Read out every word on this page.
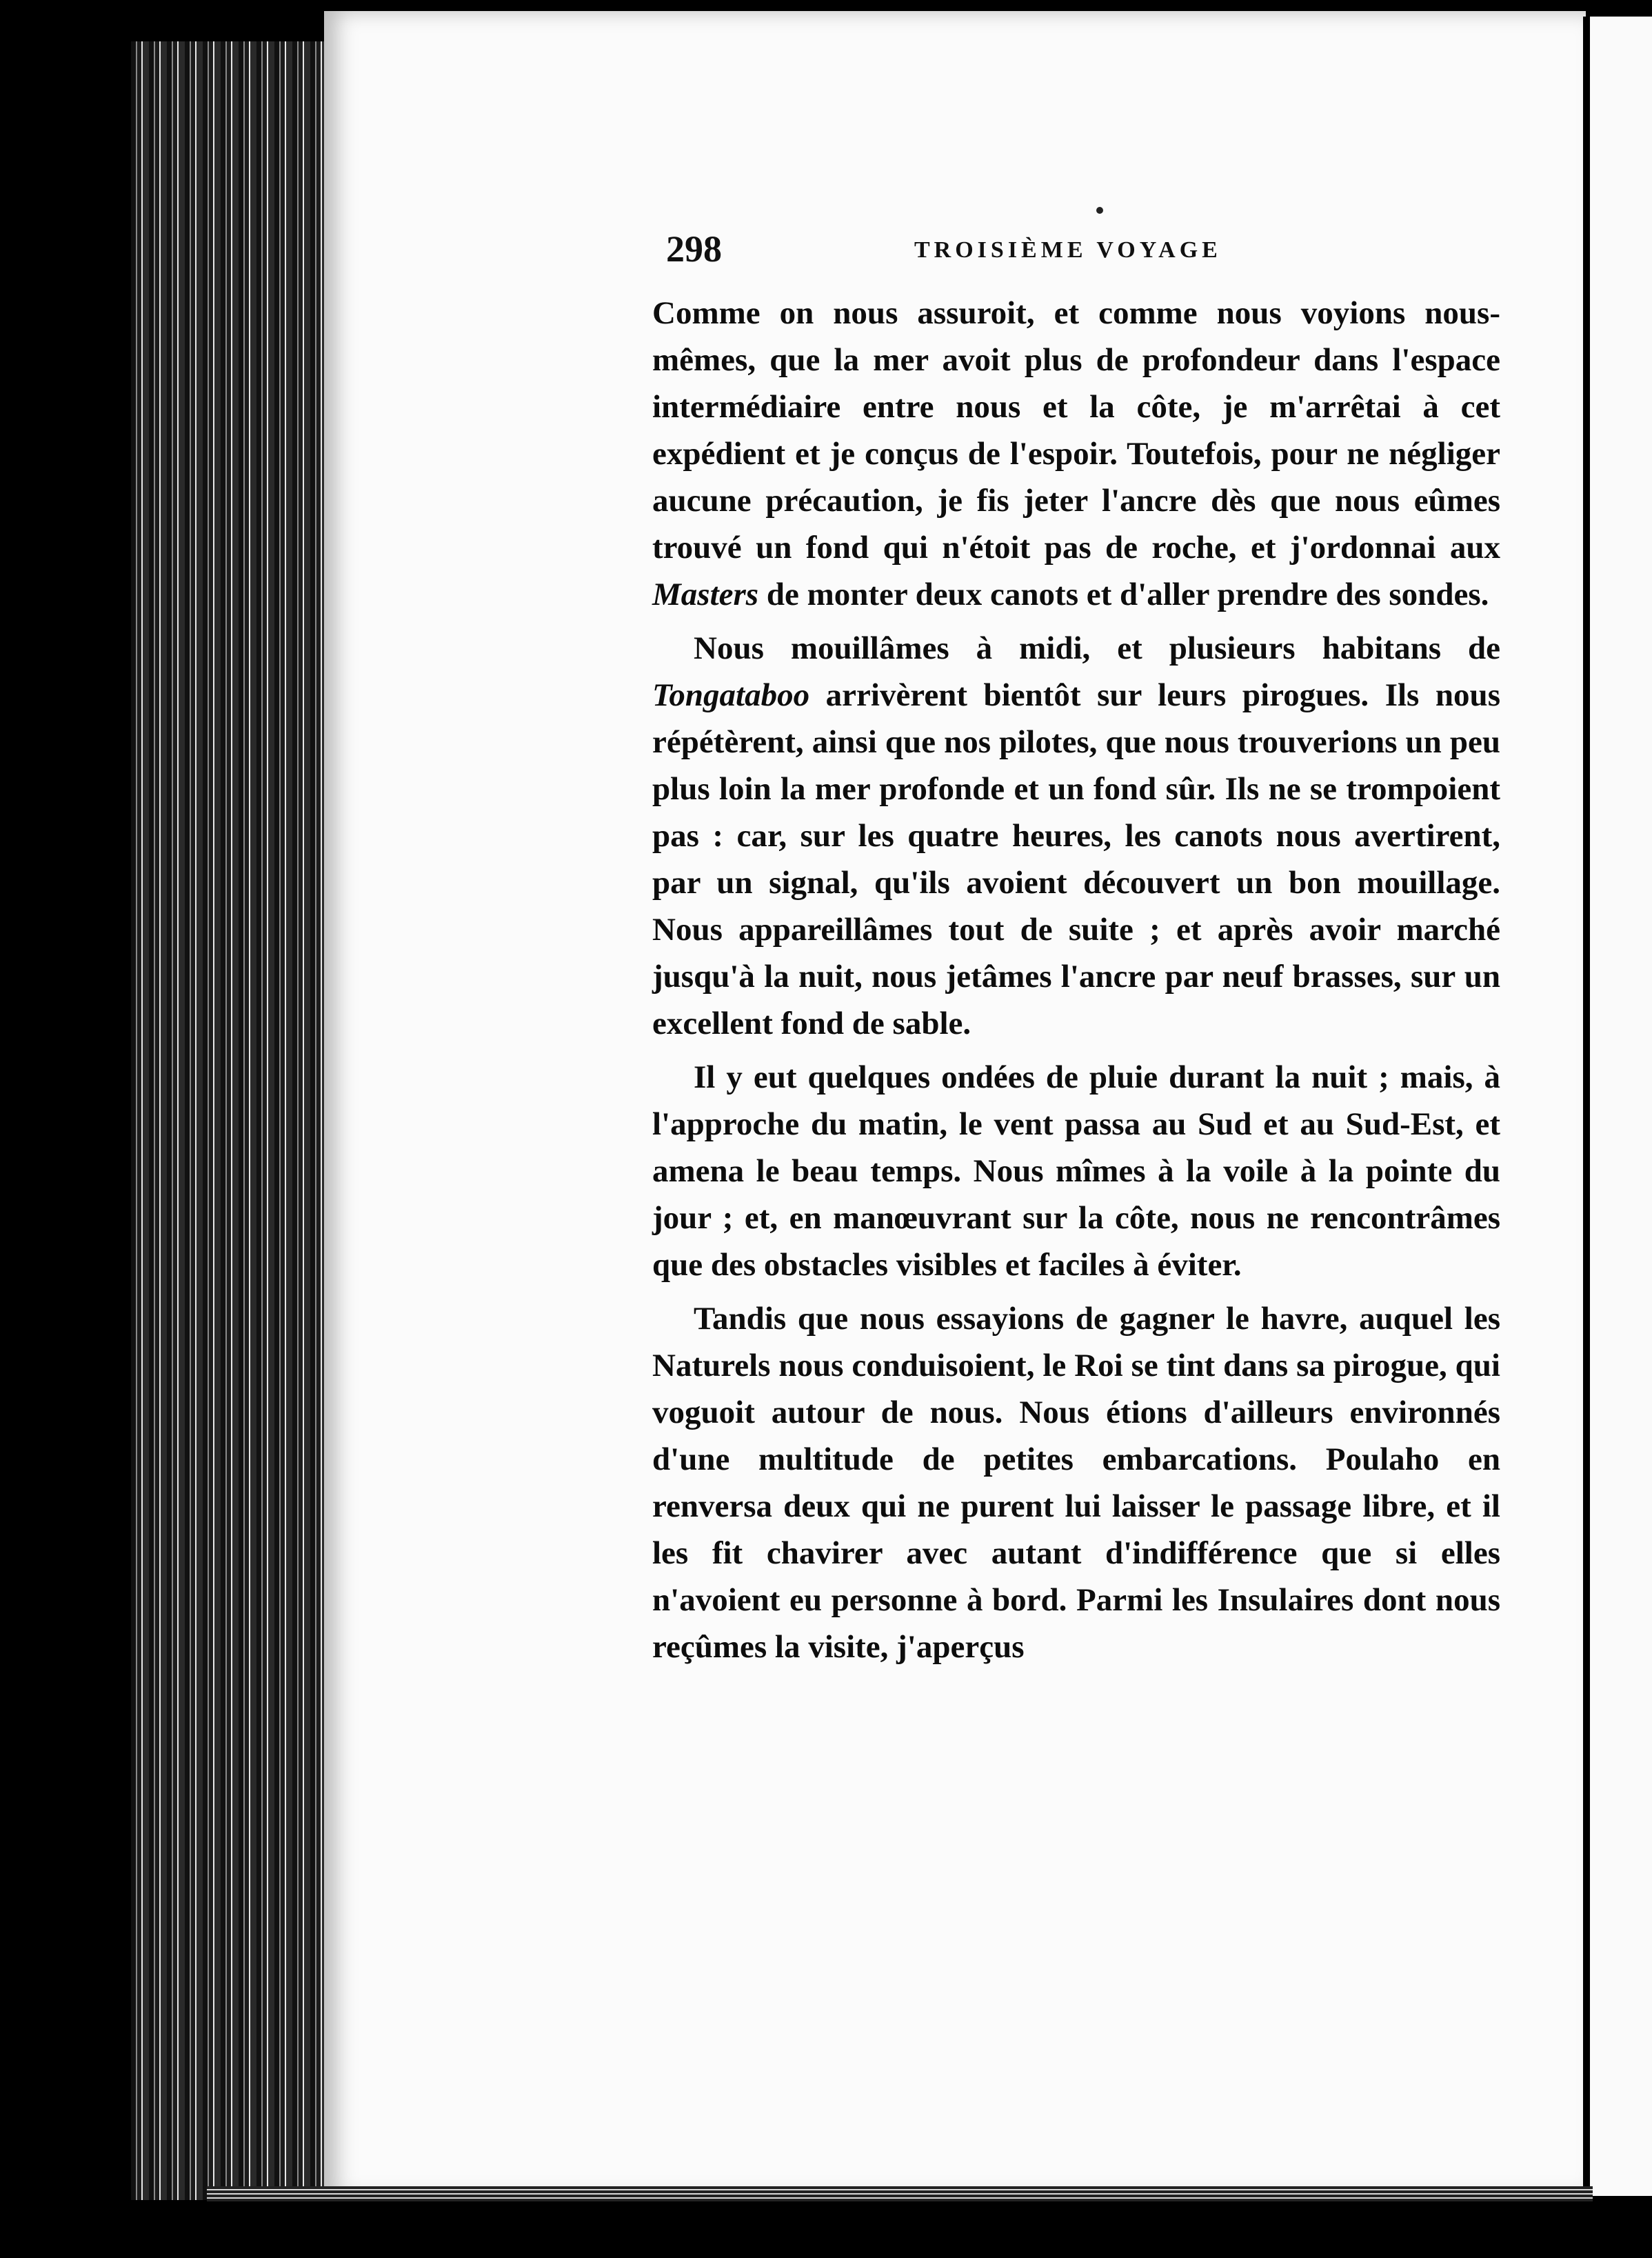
298	TROISIÈME VOYAGE

Comme on nous assuroit, et comme nous voyions nous-mêmes, que la mer avoit plus de profondeur dans l'espace intermédiaire entre nous et la côte, je m'arrêtai à cet expédient et je conçus de l'espoir. Toutefois, pour ne négliger aucune précaution, je fis jeter l'ancre dès que nous eûmes trouvé un fond qui n'étoit pas de roche, et j'ordonnai aux Masters de monter deux canots et d'aller prendre des sondes.

Nous mouillâmes à midi, et plusieurs habitans de Tongataboo arrivèrent bientôt sur leurs pirogues. Ils nous répétèrent, ainsi que nos pilotes, que nous trouverions un peu plus loin la mer profonde et un fond sûr. Ils ne se trompoient pas : car, sur les quatre heures, les canots nous avertirent, par un signal, qu'ils avoient découvert un bon mouillage. Nous appareillâmes tout de suite ; et après avoir marché jusqu'à la nuit, nous jetâmes l'ancre par neuf brasses, sur un excellent fond de sable.

Il y eut quelques ondées de pluie durant la nuit ; mais, à l'approche du matin, le vent passa au Sud et au Sud-Est, et amena le beau temps. Nous mîmes à la voile à la pointe du jour ; et, en manœuvrant sur la côte, nous ne rencontrâmes que des obstacles visibles et faciles à éviter.

Tandis que nous essayions de gagner le havre, auquel les Naturels nous conduisoient, le Roi se tint dans sa pirogue, qui voguoit autour de nous. Nous étions d'ailleurs environnés d'une multitude de petites embarcations. Poulaho en renversa deux qui ne purent lui laisser le passage libre, et il les fit chavirer avec autant d'indifférence que si elles n'avoient eu personne à bord. Parmi les Insulaires dont nous reçûmes la visite, j'aperçus
